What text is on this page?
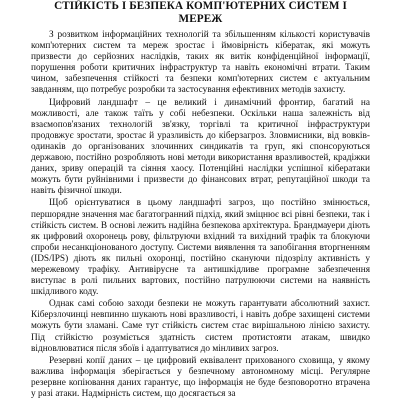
СТІЙКІСТЬ І БЕЗПЕКА КОМП'ЮТЕРНИХ СИСТЕМ І МЕРЕЖ

З розвитком інформаційних технологій та збільшенням кількості користувачів комп'ютерних систем та мереж зростає і ймовірність кібератак, які можуть призвести до серйозних наслідків, таких як витік конфіденційної інформації, порушення роботи критичних інфраструктур та навіть економічні втрати. Таким чином, забезпечення стійкості та безпеки комп'ютерних систем є актуальним завданням, що потребує розробки та застосування ефективних методів захисту.

Цифровий ландшафт – це великий і динамічний фронтир, багатий на можливості, але також таїть у собі небезпеки. Оскільки наша залежність від взаємопов'язаних технологій зв'язку, торгівлі та критичної інфраструктури продовжує зростати, зростає й уразливість до кіберзагроз. Зловмисники, від вовків-одинаків до організованих злочинних синдикатів та груп, які спонсоруються державою, постійно розробляють нові методи використання вразливостей, крадіжки даних, зриву операцій та сіяння хаосу. Потенційні наслідки успішної кібератаки можуть бути руйнівними і призвести до фінансових втрат, репутаційної шкоди та навіть фізичної шкоди.

Щоб орієнтуватися в цьому ландшафті загроз, що постійно змінюється, першорядне значення має багатогранний підхід, який зміцнює всі рівні безпеки, так і стійкість систем. В основі лежить надійна безпекова архітектура. Брандмауери діють як цифровий охоронець рову, фільтруючи вхідний та вихідний трафік та блокуючи спроби несанкціонованого доступу. Системи виявлення та запобігання вторгненням (IDS/IPS) діють як пильні охоронці, постійно скануючи підозрілу активність у мережевому трафіку. Антивірусне та антишкідливе програмне забезпечення виступає в ролі пильних вартових, постійно патрулюючи системи на наявність шкідливого коду.

Однак самі собою заходи безпеки не можуть гарантувати абсолютний захист. Кіберзлочинці невпинно шукають нові вразливості, і навіть добре захищені системи можуть бути зламані. Саме тут стійкість систем стає вирішальною лінією захисту. Під стійкістю розуміється здатність систем протистояти атакам, швидко відновлюватися після збоїв і адаптуватися до мінливих загроз.

Резервні копії даних – це цифровий еквівалент прихованого сховища, у якому важлива інформація зберігається у безпечному автономному місці. Регулярне резервне копіювання даних гарантує, що інформація не буде безповоротно втрачена у разі атаки. Надмірність систем, що досягається за
